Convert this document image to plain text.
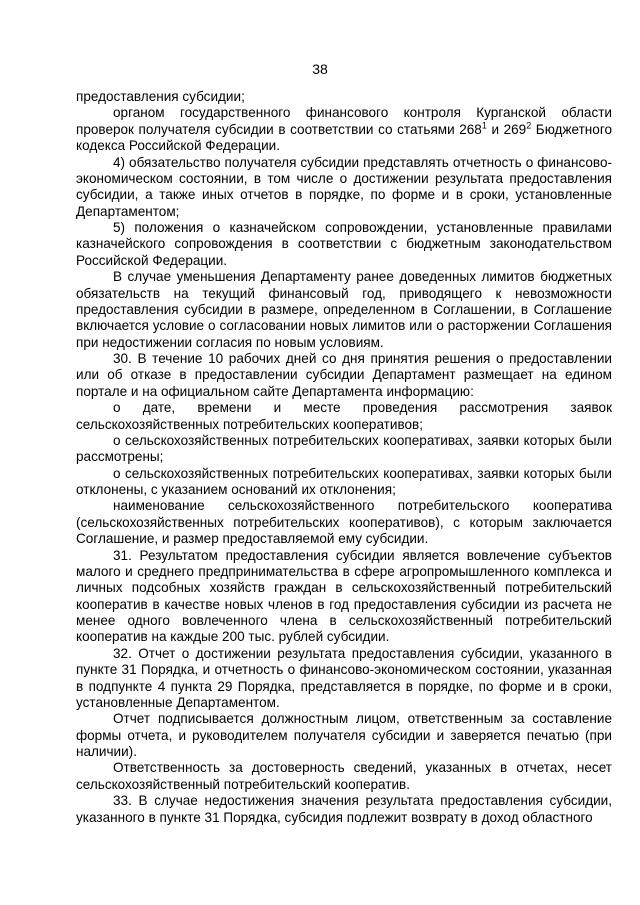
38

предоставления субсидии;

органом государственного финансового контроля Курганской области проверок получателя субсидии в соответствии со статьями $268^1$ и $269^2$ Бюджетного кодекса Российской Федерации.

4) обязательство получателя субсидии представлять отчетность о финансово-экономическом состоянии, в том числе о достижении результата предоставления субсидии, а также иных отчетов в порядке, по форме и в сроки, установленные Департаментом;

5) положения о казначейском сопровождении, установленные правилами казначейского сопровождения в соответствии с бюджетным законодательством Российской Федерации.

В случае уменьшения Департаменту ранее доведенных лимитов бюджетных обязательств на текущий финансовый год, приводящего к невозможности предоставления субсидии в размере, определенном в Соглашении, в Соглашение включается условие о согласовании новых лимитов или о расторжении Соглашения при недостижении согласия по новым условиям.

30. В течение 10 рабочих дней со дня принятия решения о предоставлении или об отказе в предоставлении субсидии Департамент размещает на едином портале и на официальном сайте Департамента информацию:

о дате, времени и месте проведения рассмотрения заявок сельскохозяйственных потребительских кооперативов;

о сельскохозяйственных потребительских кооперативах, заявки которых были рассмотрены;

о сельскохозяйственных потребительских кооперативах, заявки которых были отклонены, с указанием оснований их отклонения;

наименование сельскохозяйственного потребительского кооператива (сельскохозяйственных потребительских кооперативов), с которым заключается Соглашение, и размер предоставляемой ему субсидии.

31. Результатом предоставления субсидии является вовлечение субъектов малого и среднего предпринимательства в сфере агропромышленного комплекса и личных подсобных хозяйств граждан в сельскохозяйственный потребительский кооператив в качестве новых членов в год предоставления субсидии из расчета не менее одного вовлеченного члена в сельскохозяйственный потребительский кооператив на каждые 200 тыс. рублей субсидии.

32. Отчет о достижении результата предоставления субсидии, указанного в пункте 31 Порядка, и отчетность о финансово-экономическом состоянии, указанная в подпункте 4 пункта 29 Порядка, представляется в порядке, по форме и в сроки, установленные Департаментом.

Отчет подписывается должностным лицом, ответственным за составление формы отчета, и руководителем получателя субсидии и заверяется печатью (при наличии).

Ответственность за достоверность сведений, указанных в отчетах, несет сельскохозяйственный потребительский кооператив.

33. В случае недостижения значения результата предоставления субсидии, указанного в пункте 31 Порядка, субсидия подлежит возврату в доход областного
